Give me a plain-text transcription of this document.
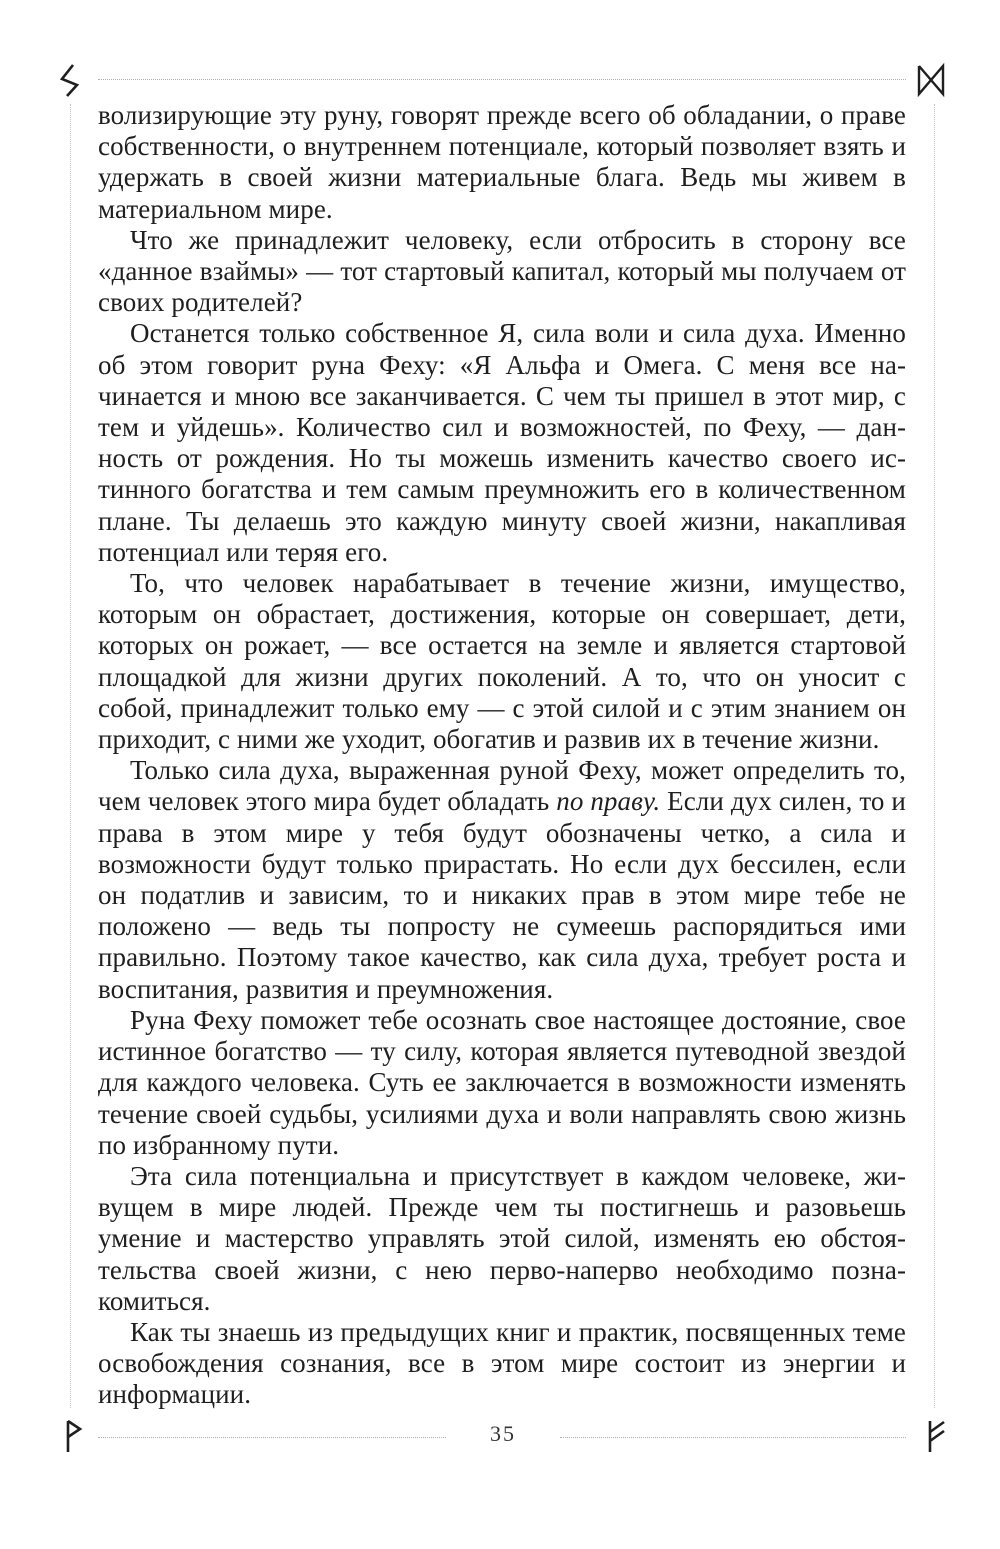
волизирующие эту руну, говорят прежде всего об обладании, о праве собственности, о внутреннем потенциале, который позволяет взять и удержать в своей жизни материальные блага. Ведь мы живем в материальном мире.

Что же принадлежит человеку, если отбросить в сторону все «данное взаймы» — тот стартовый капитал, который мы получаем от своих родителей?

Останется только собственное Я, сила воли и сила духа. Именно об этом говорит руна Феху: «Я Альфа и Омега. С меня все начинается и мною все заканчивается. С чем ты пришел в этот мир, с тем и уйдешь». Количество сил и возможностей, по Феху, — данность от рождения. Но ты можешь изменить качество своего истинного богатства и тем самым преумножить его в количественном плане. Ты делаешь это каждую минуту своей жизни, накапливая потенциал или теряя его.

То, что человек нарабатывает в течение жизни, имущество, которым он обрастает, достижения, которые он совершает, дети, которых он рожает, — все остается на земле и является стартовой площадкой для жизни других поколений. А то, что он уносит с собой, принадлежит только ему — с этой силой и с этим знанием он приходит, с ними же уходит, обогатив и развив их в течение жизни.

Только сила духа, выраженная руной Феху, может определить то, чем человек этого мира будет обладать по праву. Если дух силен, то и права в этом мире у тебя будут обозначены четко, а сила и возможности будут только прирастать. Но если дух бессилен, если он податлив и зависим, то и никаких прав в этом мире тебе не положено — ведь ты попросту не сумеешь распорядиться ими правильно. Поэтому такое качество, как сила духа, требует роста и воспитания, развития и преумножения.

Руна Феху поможет тебе осознать свое настоящее достояние, свое истинное богатство — ту силу, которая является путеводной звездой для каждого человека. Суть ее заключается в возможности изменять течение своей судьбы, усилиями духа и воли направлять свою жизнь по избранному пути.

Эта сила потенциальна и присутствует в каждом человеке, живущем в мире людей. Прежде чем ты постигнешь и разовьешь умение и мастерство управлять этой силой, изменять ею обстоятельства своей жизни, с нею перво-наперво необходимо познакомиться.

Как ты знаешь из предыдущих книг и практик, посвященных теме освобождения сознания, все в этом мире состоит из энергии и информации.

35
